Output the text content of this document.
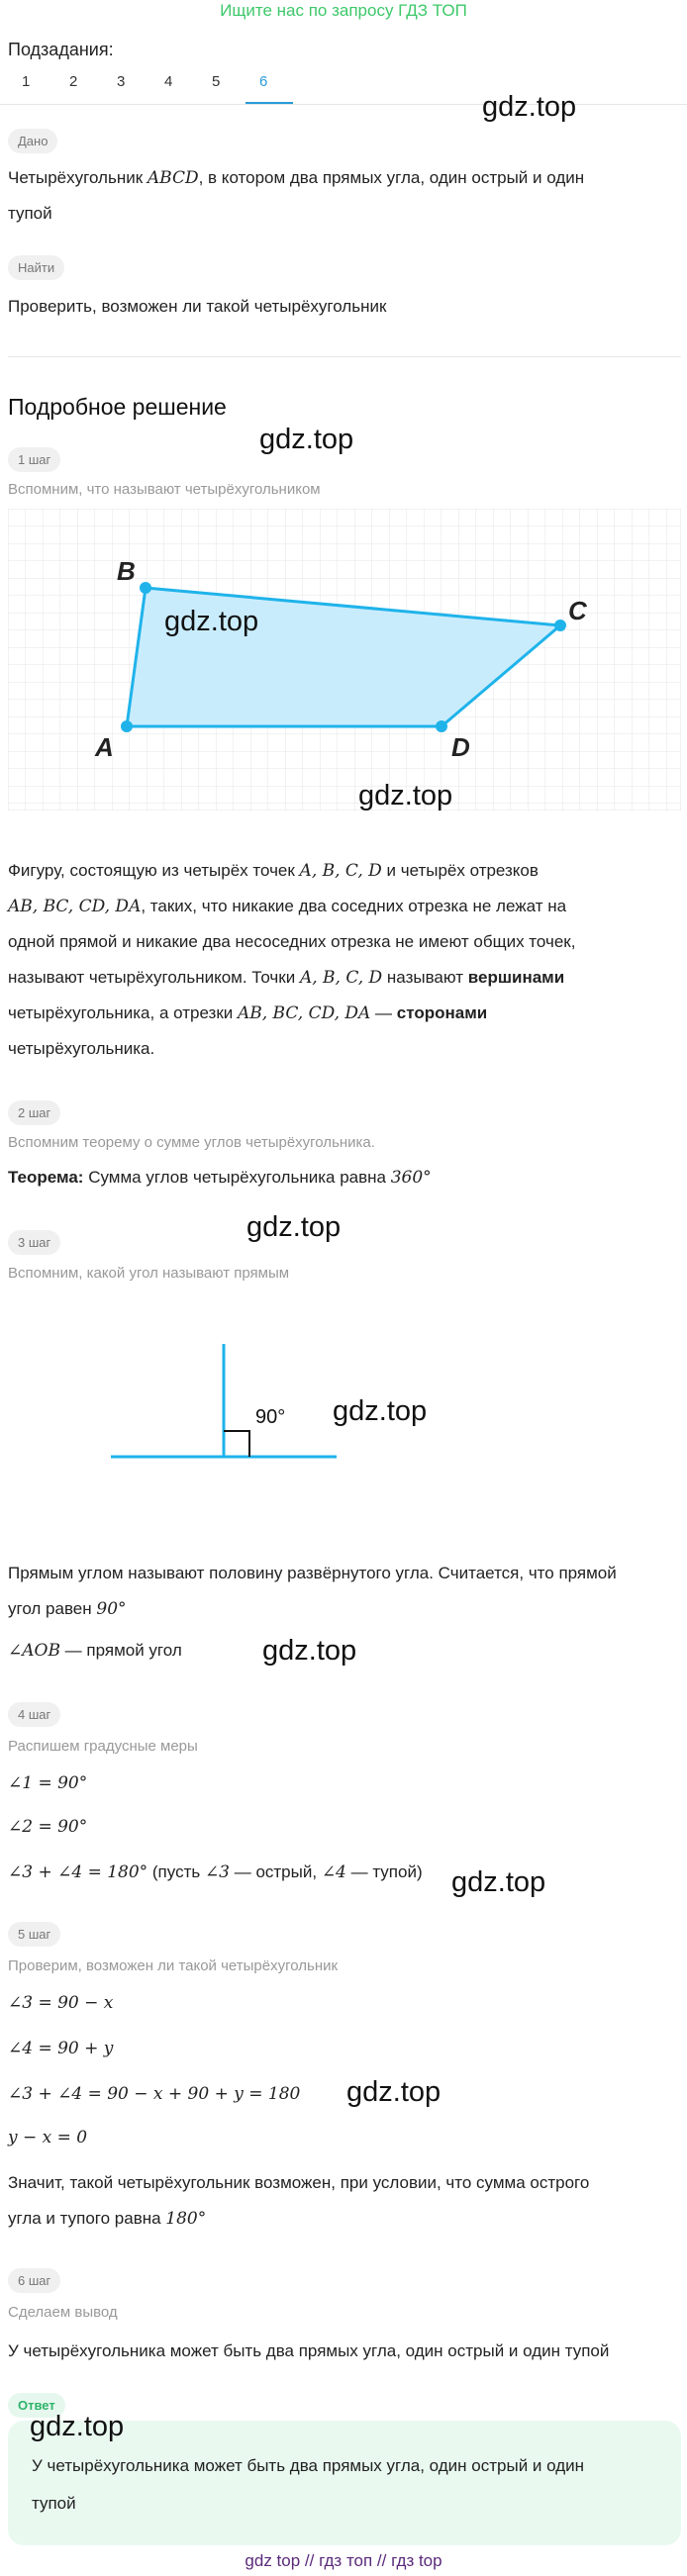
Ищите нас по запросу ГДЗ ТОП
Подзадания:
1	2	3	4	5	6
gdz.top
Дано
Четырёхугольник ABCD, в котором два прямых угла, один острый и один
тупой
Найти
Проверить, возможен ли такой четырёхугольник
Подробное решение
gdz.top
1 шаг
Вспомним, что называют четырёхугольником
B
C
A	D
gdz.top
gdz.top
Фигуру, состоящую из четырёх точек A, B, C, D и четырёх отрезков
AB, BC, CD, DA, таких, что никакие два соседних отрезка не лежат на
одной прямой и никакие два несоседних отрезка не имеют общих точек,
называют четырёхугольником. Точки A, B, C, D называют вершинами
четырёхугольника, а отрезки AB, BC, CD, DA — сторонами
четырёхугольника.
2 шаг
Вспомним теорему о сумме углов четырёхугольника.
Теорема: Сумма углов четырёхугольника равна 360°
gdz.top
3 шаг
Вспомним, какой угол называют прямым
90° gdz.top
Прямым углом называют половину развёрнутого угла. Считается, что прямой
угол равен 90°
∠AOB — прямой угол	gdz.top
4 шаг
Распишем градусные меры
∠1 = 90°
∠2 = 90°
∠3 + ∠4 = 180° (пусть ∠3 — острый, ∠4 — тупой) gdz.top
5 шаг
Проверим, возможен ли такой четырёхугольник
∠3 = 90 − x
∠4 = 90 + y
∠3 + ∠4 = 90 − x + 90 + y = 180 gdz.top
y − x = 0
Значит, такой четырёхугольник возможен, при условии, что сумма острого
угла и тупого равна 180°
6 шаг
Сделаем вывод
У четырёхугольника может быть два прямых угла, один острый и один тупой
Ответ
gdz.top
У четырёхугольника может быть два прямых угла, один острый и один
тупой
gdz top // гдз топ // гдз top
